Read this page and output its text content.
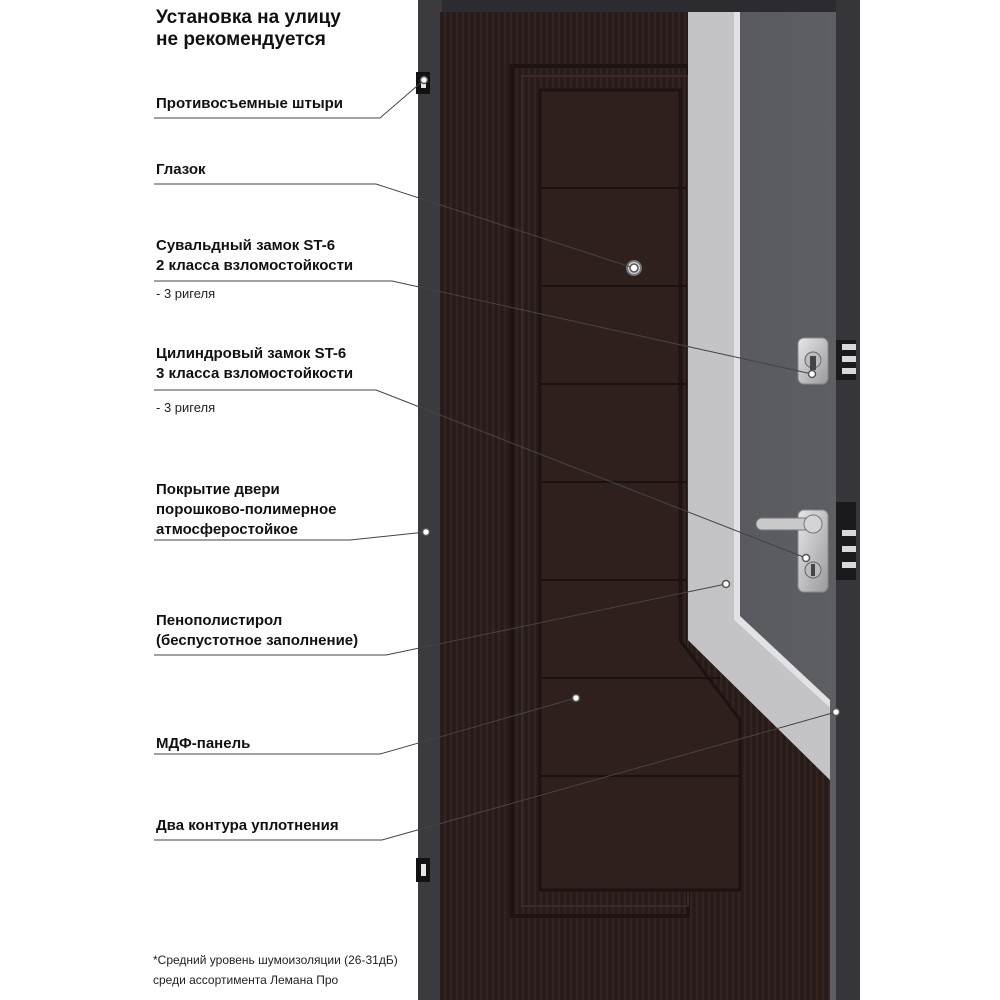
Установка на улицу
не рекомендуется
Противосъемные штыри
Глазок
Сувальдный замок ST-6
2 класса взломостойкости
- 3 ригеля
Цилиндровый замок ST-6
3 класса взломостойкости
- 3 ригеля
Покрытие двери
порошково-полимерное
атмосферостойкое
Пенополистирол
(беспустотное заполнение)
МДФ-панель
Два контура уплотнения
*Средний уровень шумоизоляции (26-31дБ)
среди ассортимента Лемана Про
